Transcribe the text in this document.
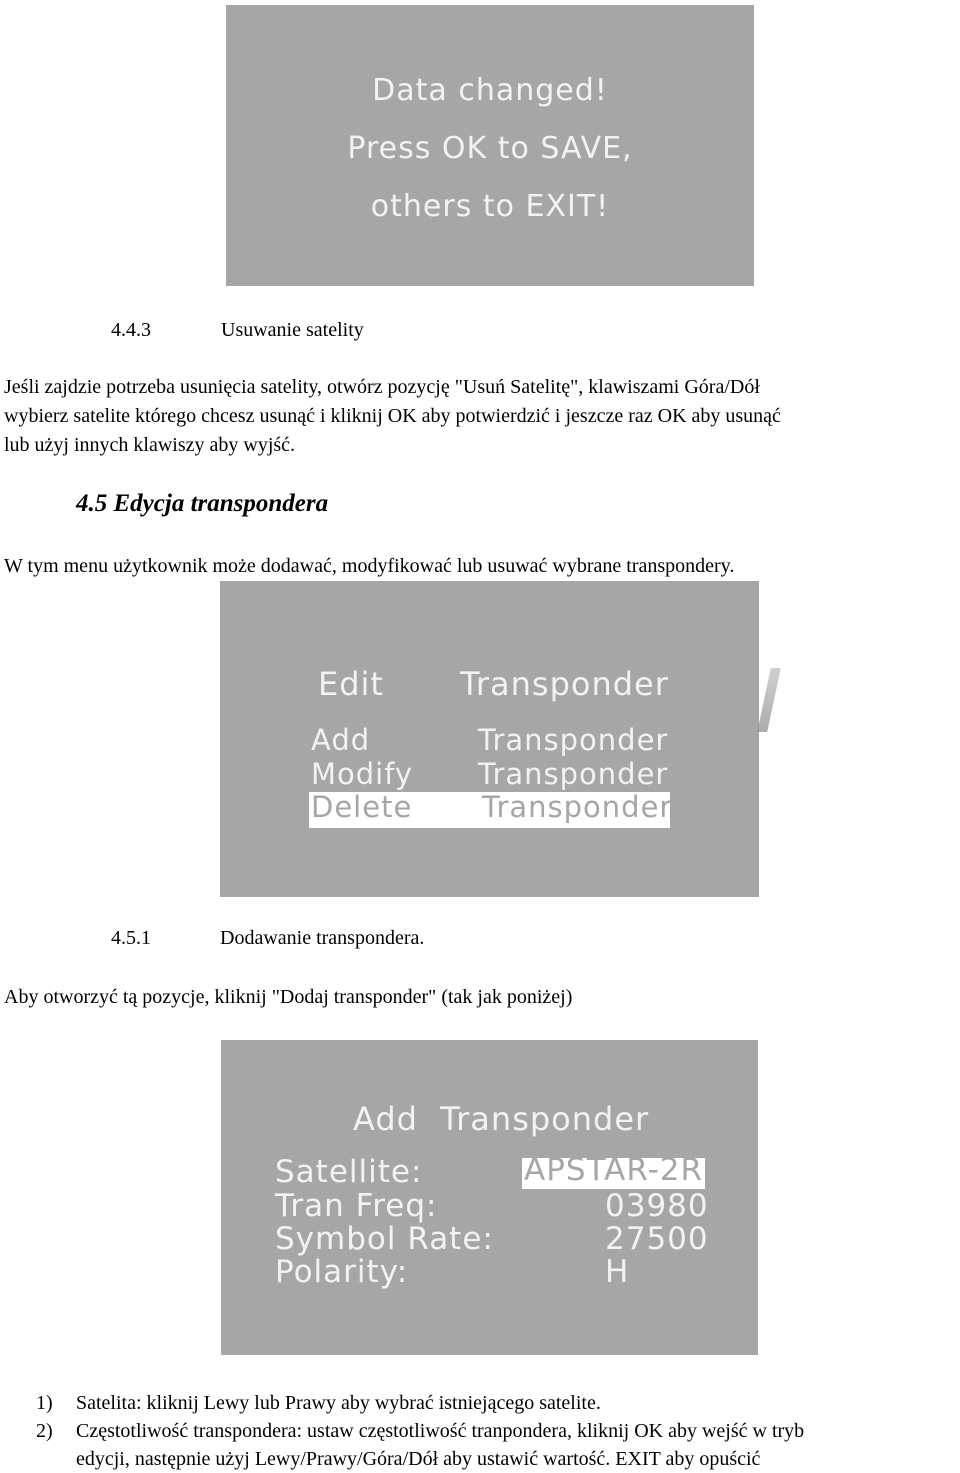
Data changed!
Press OK to SAVE,
others to EXIT!
4.4.3	Usuwanie satelity
Jeśli zajdzie potrzeba usunięcia satelity, otwórz pozycję "Usuń Satelitę", klawiszami Góra/Dół
wybierz satelite którego chcesz usunąć i kliknij OK aby potwierdzić i jeszcze raz OK aby usunąć
lub użyj innych klawiszy aby wyjść.
4.5 Edycja transpondera
W tym menu użytkownik może dodawać, modyfikować lub usuwać wybrane transpondery.
Edit Transponder
Add	Transponder
Modify Transponder
Delete Transponder
4.5.1	Dodawanie transpondera.
Aby otworzyć tą pozycje, kliknij "Dodaj transponder" (tak jak poniżej)
Add  Transponder
Satellite:	APSTAR-2R
Tran Freq:	03980
Symbol Rate:	27500
Polarity:	H
1) Satelita: kliknij Lewy lub Prawy aby wybrać istniejącego satelite.
2) Częstotliwość transpondera: ustaw częstotliwość tranpondera, kliknij OK aby wejść w tryb
edycji, następnie użyj Lewy/Prawy/Góra/Dół aby ustawić wartość. EXIT aby opuścić
